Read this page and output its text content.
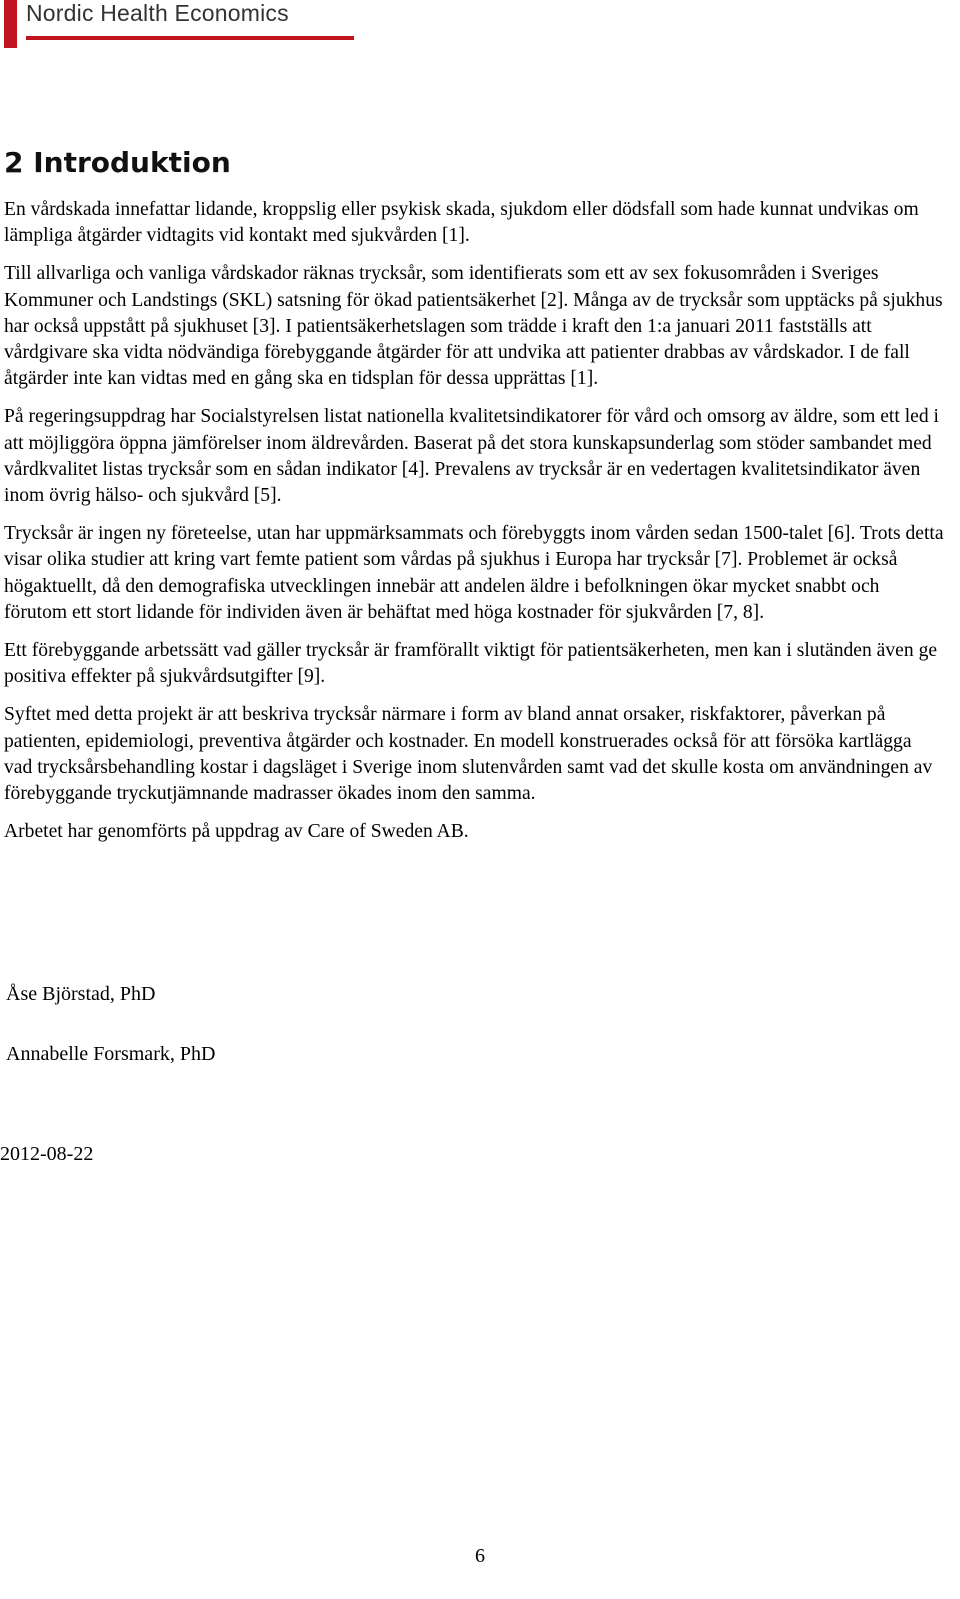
Nordic Health Economics
2 Introduktion

En vårdskada innefattar lidande, kroppslig eller psykisk skada, sjukdom eller dödsfall som hade kunnat undvikas om lämpliga åtgärder vidtagits vid kontakt med sjukvården [1].

Till allvarliga och vanliga vårdskador räknas trycksår, som identifierats som ett av sex fokusområden i Sveriges Kommuner och Landstings (SKL) satsning för ökad patientsäkerhet [2]. Många av de trycksår som upptäcks på sjukhus har också uppstått på sjukhuset [3]. I patientsäkerhetslagen som trädde i kraft den 1:a januari 2011 fastställs att vårdgivare ska vidta nödvändiga förebyggande åtgärder för att undvika att patienter drabbas av vårdskador. I de fall åtgärder inte kan vidtas med en gång ska en tidsplan för dessa upprättas [1].

På regeringsuppdrag har Socialstyrelsen listat nationella kvalitetsindikatorer för vård och omsorg av äldre, som ett led i att möjliggöra öppna jämförelser inom äldrevården. Baserat på det stora kunskapsunderlag som stöder sambandet med vårdkvalitet listas trycksår som en sådan indikator [4]. Prevalens av trycksår är en vedertagen kvalitetsindikator även inom övrig hälso- och sjukvård [5].

Trycksår är ingen ny företeelse, utan har uppmärksammats och förebyggts inom vården sedan 1500-talet [6]. Trots detta visar olika studier att kring vart femte patient som vårdas på sjukhus i Europa har trycksår [7]. Problemet är också högaktuellt, då den demografiska utvecklingen innebär att andelen äldre i befolkningen ökar mycket snabbt och förutom ett stort lidande för individen även är behäftat med höga kostnader för sjukvården [7, 8].

Ett förebyggande arbetssätt vad gäller trycksår är framförallt viktigt för patientsäkerheten, men kan i slutänden även ge positiva effekter på sjukvårdsutgifter [9].

Syftet med detta projekt är att beskriva trycksår närmare i form av bland annat orsaker, riskfaktorer, påverkan på patienten, epidemiologi, preventiva åtgärder och kostnader. En modell konstruerades också för att försöka kartlägga vad trycksårsbehandling kostar i dagsläget i Sverige inom slutenvården samt vad det skulle kosta om användningen av förebyggande tryckutjämnande madrasser ökades inom den samma.

Arbetet har genomförts på uppdrag av Care of Sweden AB.

Åse Björstad, PhD
Annabelle Forsmark, PhD
2012-08-22
6
